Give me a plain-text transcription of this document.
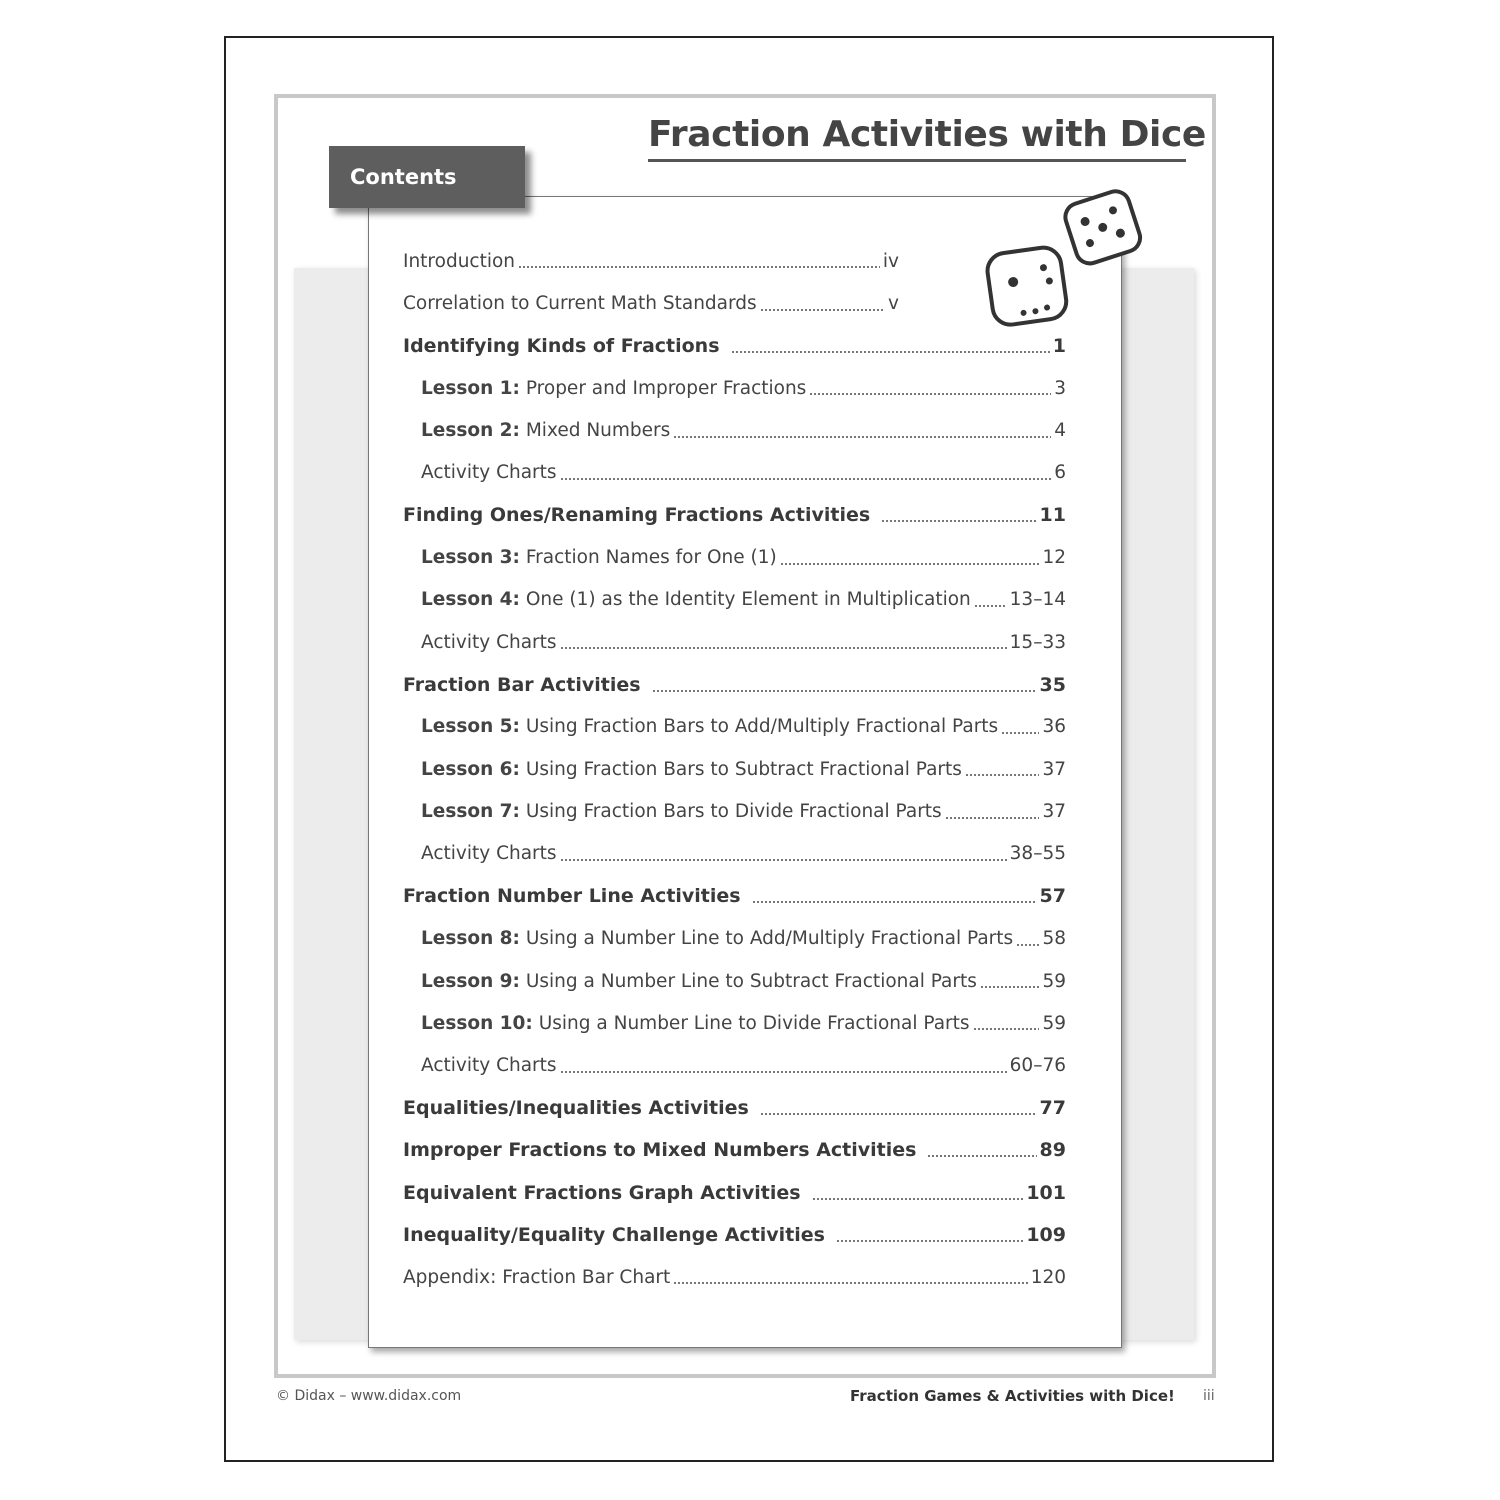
Fraction Activities with Dice
Contents
Introduction	iv
Correlation to Current Math Standards	v
Identifying Kinds of Fractions	1
Lesson 1: Proper and Improper Fractions	3
Lesson 2: Mixed Numbers	4
Activity Charts	6
Finding Ones/Renaming Fractions Activities	11
Lesson 3: Fraction Names for One (1)	12
Lesson 4: One (1) as the Identity Element in Multiplication 13–14
Activity Charts	15–33
Fraction Bar Activities	35
Lesson 5: Using Fraction Bars to Add/Multiply Fractional Parts 36
Lesson 6: Using Fraction Bars to Subtract Fractional Parts	37
Lesson 7: Using Fraction Bars to Divide Fractional Parts	37
Activity Charts	38–55
Fraction Number Line Activities	57
Lesson 8: Using a Number Line to Add/Multiply Fractional Parts 58
Lesson 9: Using a Number Line to Subtract Fractional Parts	59
Lesson 10: Using a Number Line to Divide Fractional Parts	59
Activity Charts	60–76
Equalities/Inequalities Activities	77
Improper Fractions to Mixed Numbers Activities	89
Equivalent Fractions Graph Activities	101
Inequality/Equality Challenge Activities	109
Appendix: Fraction Bar Chart	120
© Didax – www.didax.com	Fraction Games & Activities with Dice! iii
